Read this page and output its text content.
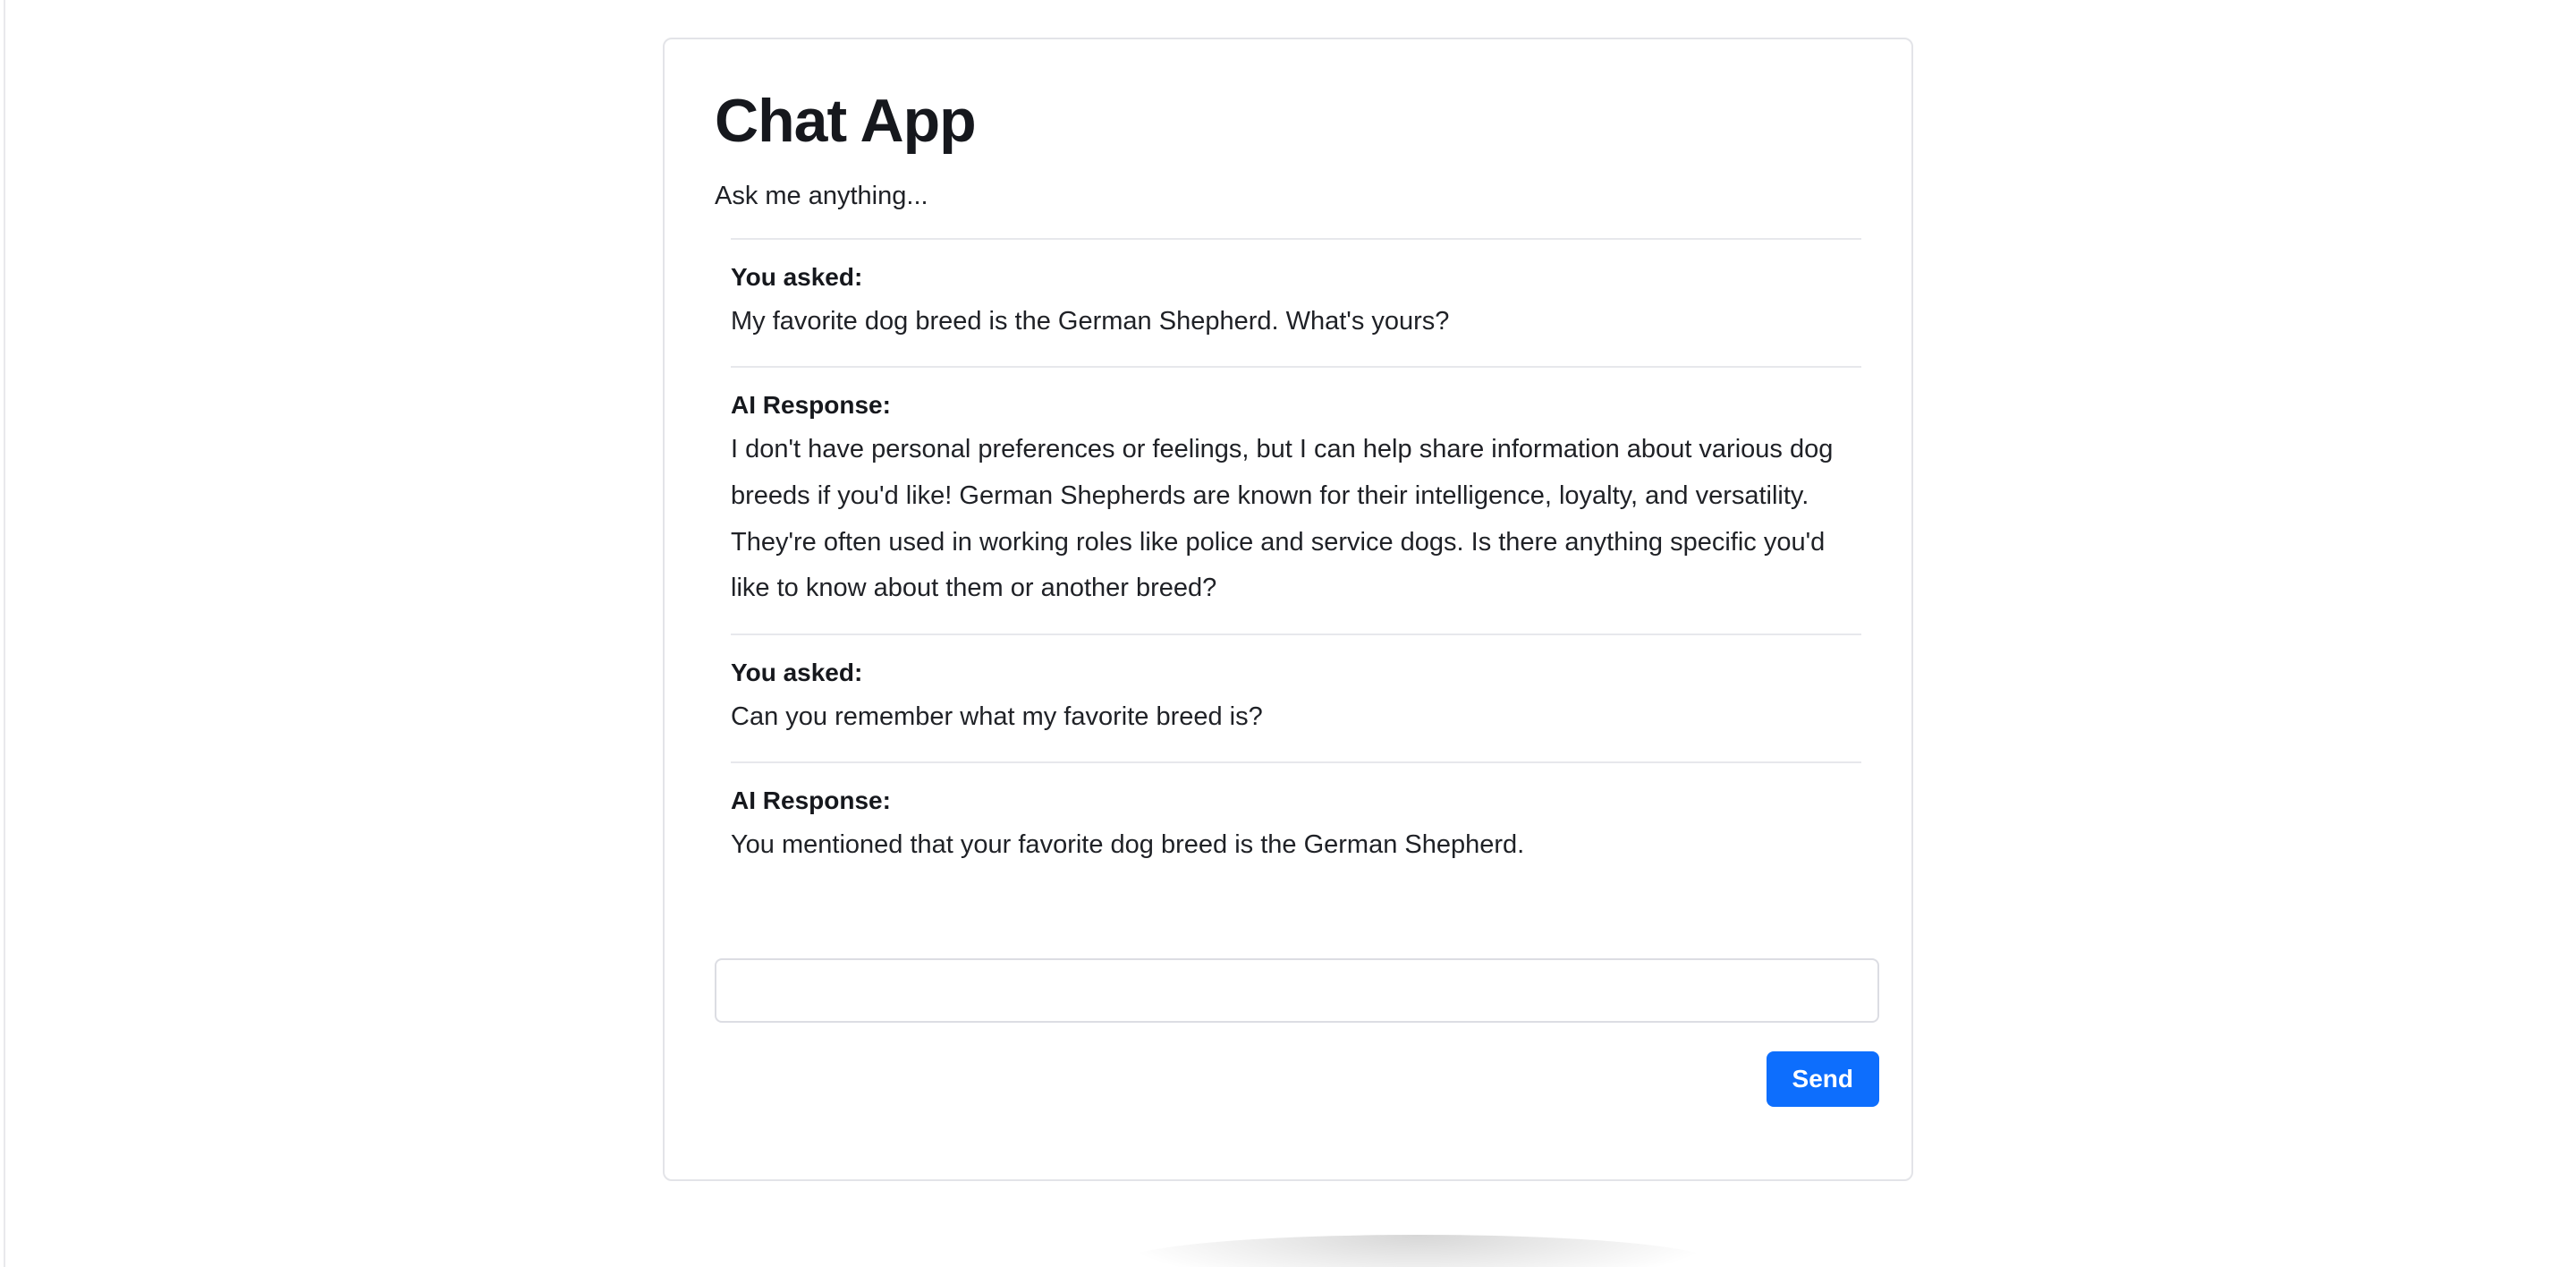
Chat App

Ask me anything...

You asked:
My favorite dog breed is the German Shepherd. What's yours?
AI Response:
I don't have personal preferences or feelings, but I can help share information about various dog breeds if you'd like! German Shepherds are known for their intelligence, loyalty, and versatility. They're often used in working roles like police and service dogs. Is there anything specific you'd like to know about them or another breed?
You asked:
Can you remember what my favorite breed is?
AI Response:
You mentioned that your favorite dog breed is the German Shepherd.
Send
